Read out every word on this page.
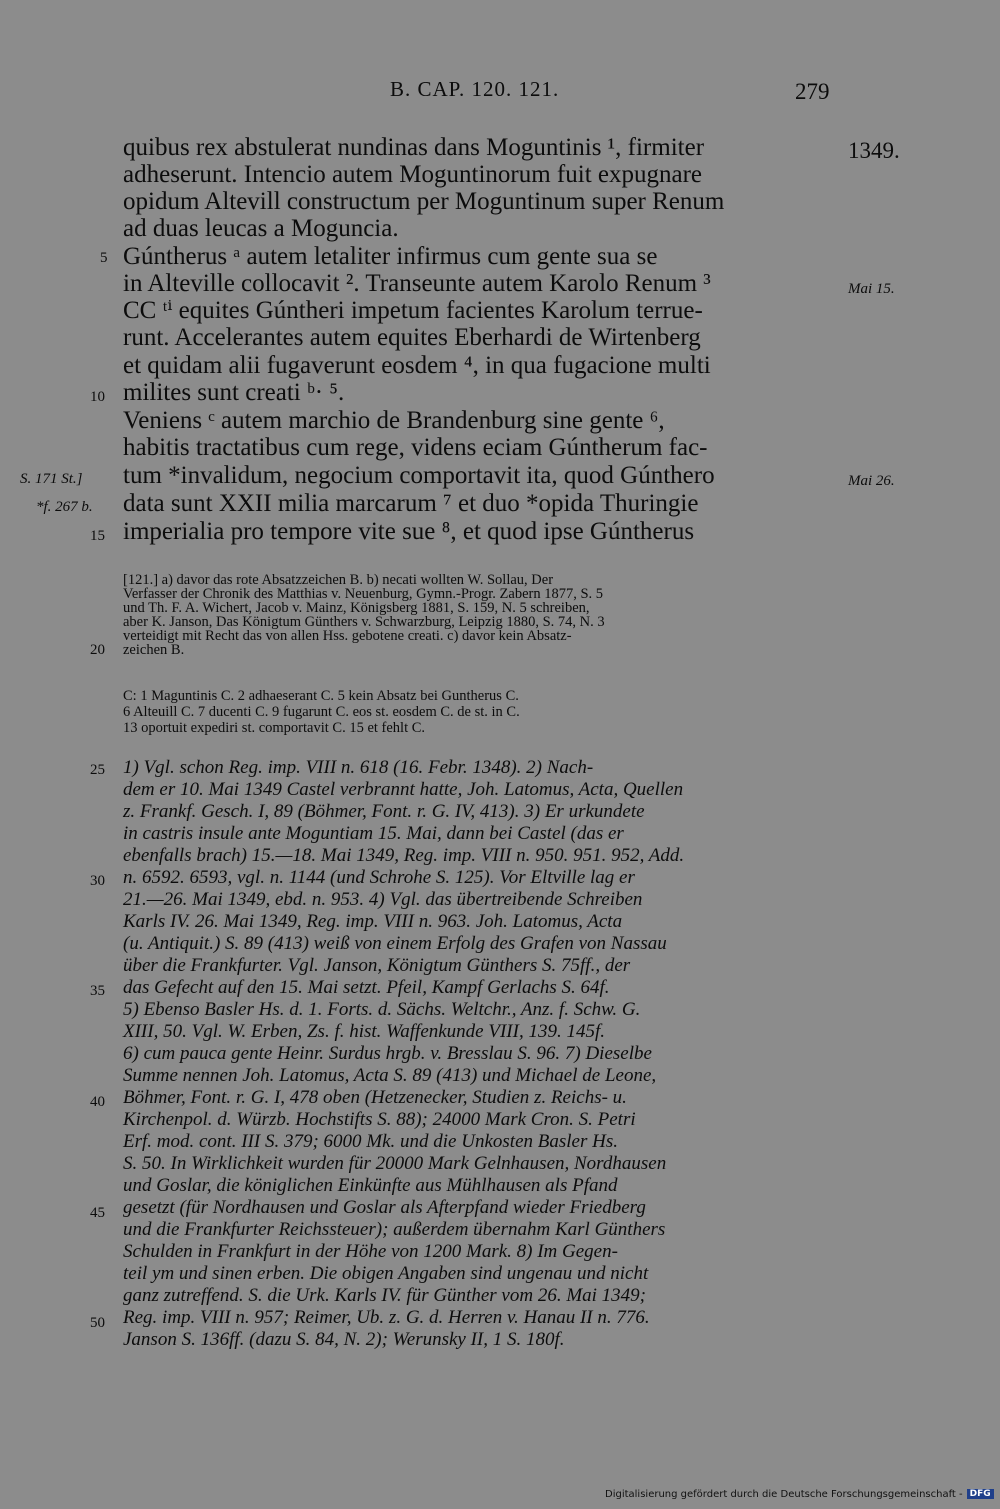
B. CAP. 120. 121.	279
quibus rex abstulerat nundinas dans Moguntinis ¹, firmiter
adheserunt. Intencio autem Moguntinorum fuit expugnare
opidum Altevill constructum per Moguntinum super Renum
ad duas leucas a Moguncia.
Gúntherus ᵃ autem letaliter infirmus cum gente sua se
in Alteville collocavit ². Transeunte autem Karolo Renum ³
CC ᵗⁱ equites Gúntheri impetum facientes Karolum terrue-
runt. Accelerantes autem equites Eberhardi de Wirtenberg
et quidam alii fugaverunt eosdem ⁴, in qua fugacione multi
milites sunt creati ᵇ· ⁵.
Veniens ᶜ autem marchio de Brandenburg sine gente ⁶,
habitis tractatibus cum rege, videns eciam Gúntherum fac-
tum *invalidum, negocium comportavit ita, quod Gúnthero
data sunt XXII milia marcarum ⁷ et duo *opida Thuringie
imperialia pro tempore vite sue ⁸, et quod ipse Gúntherus
5
10
15
S. 171 St.]
*f. 267 b.
20
25
30
35
40
45
50
1349.
Mai 15.
Mai 26.
[121.] a) davor das rote Absatzzeichen B. b) necati wollten W. Sollau, Der
Verfasser der Chronik des Matthias v. Neuenburg, Gymn.-Progr. Zabern 1877, S. 5
und Th. F. A. Wichert, Jacob v. Mainz, Königsberg 1881, S. 159, N. 5 schreiben,
aber K. Janson, Das Königtum Günthers v. Schwarzburg, Leipzig 1880, S. 74, N. 3
verteidigt mit Recht das von allen Hss. gebotene creati. c) davor kein Absatz-
zeichen B.
C: 1 Maguntinis C. 2 adhaeserant C. 5 kein Absatz bei Guntherus C.
6 Alteuill C. 7 ducenti C. 9 fugarunt C. eos st. eosdem C. de st. in C.
13 oportuit expediri st. comportavit C. 15 et fehlt C.
1) Vgl. schon Reg. imp. VIII n. 618 (16. Febr. 1348). 2) Nach-
dem er 10. Mai 1349 Castel verbrannt hatte, Joh. Latomus, Acta, Quellen
z. Frankf. Gesch. I, 89 (Böhmer, Font. r. G. IV, 413). 3) Er urkundete
in castris insule ante Moguntiam 15. Mai, dann bei Castel (das er
ebenfalls brach) 15.—18. Mai 1349, Reg. imp. VIII n. 950. 951. 952, Add.
n. 6592. 6593, vgl. n. 1144 (und Schrohe S. 125). Vor Eltville lag er
21.—26. Mai 1349, ebd. n. 953. 4) Vgl. das übertreibende Schreiben
Karls IV. 26. Mai 1349, Reg. imp. VIII n. 963. Joh. Latomus, Acta
(u. Antiquit.) S. 89 (413) weiß von einem Erfolg des Grafen von Nassau
über die Frankfurter. Vgl. Janson, Königtum Günthers S. 75ff., der
das Gefecht auf den 15. Mai setzt. Pfeil, Kampf Gerlachs S. 64f.
5) Ebenso Basler Hs. d. 1. Forts. d. Sächs. Weltchr., Anz. f. Schw. G.
XIII, 50. Vgl. W. Erben, Zs. f. hist. Waffenkunde VIII, 139. 145f.
6) cum pauca gente Heinr. Surdus hrgb. v. Bresslau S. 96. 7) Dieselbe
Summe nennen Joh. Latomus, Acta S. 89 (413) und Michael de Leone,
Böhmer, Font. r. G. I, 478 oben (Hetzenecker, Studien z. Reichs- u.
Kirchenpol. d. Würzb. Hochstifts S. 88); 24000 Mark Cron. S. Petri
Erf. mod. cont. III S. 379; 6000 Mk. und die Unkosten Basler Hs.
S. 50. In Wirklichkeit wurden für 20000 Mark Gelnhausen, Nordhausen
und Goslar, die königlichen Einkünfte aus Mühlhausen als Pfand
gesetzt (für Nordhausen und Goslar als Afterpfand wieder Friedberg
und die Frankfurter Reichssteuer); außerdem übernahm Karl Günthers
Schulden in Frankfurt in der Höhe von 1200 Mark. 8) Im Gegen-
teil ym und sinen erben. Die obigen Angaben sind ungenau und nicht
ganz zutreffend. S. die Urk. Karls IV. für Günther vom 26. Mai 1349;
Reg. imp. VIII n. 957; Reimer, Ub. z. G. d. Herren v. Hanau II n. 776.
Janson S. 136ff. (dazu S. 84, N. 2); Werunsky II, 1 S. 180f.
Digitalisierung gefördert durch die Deutsche Forschungsgemeinschaft - DFG
